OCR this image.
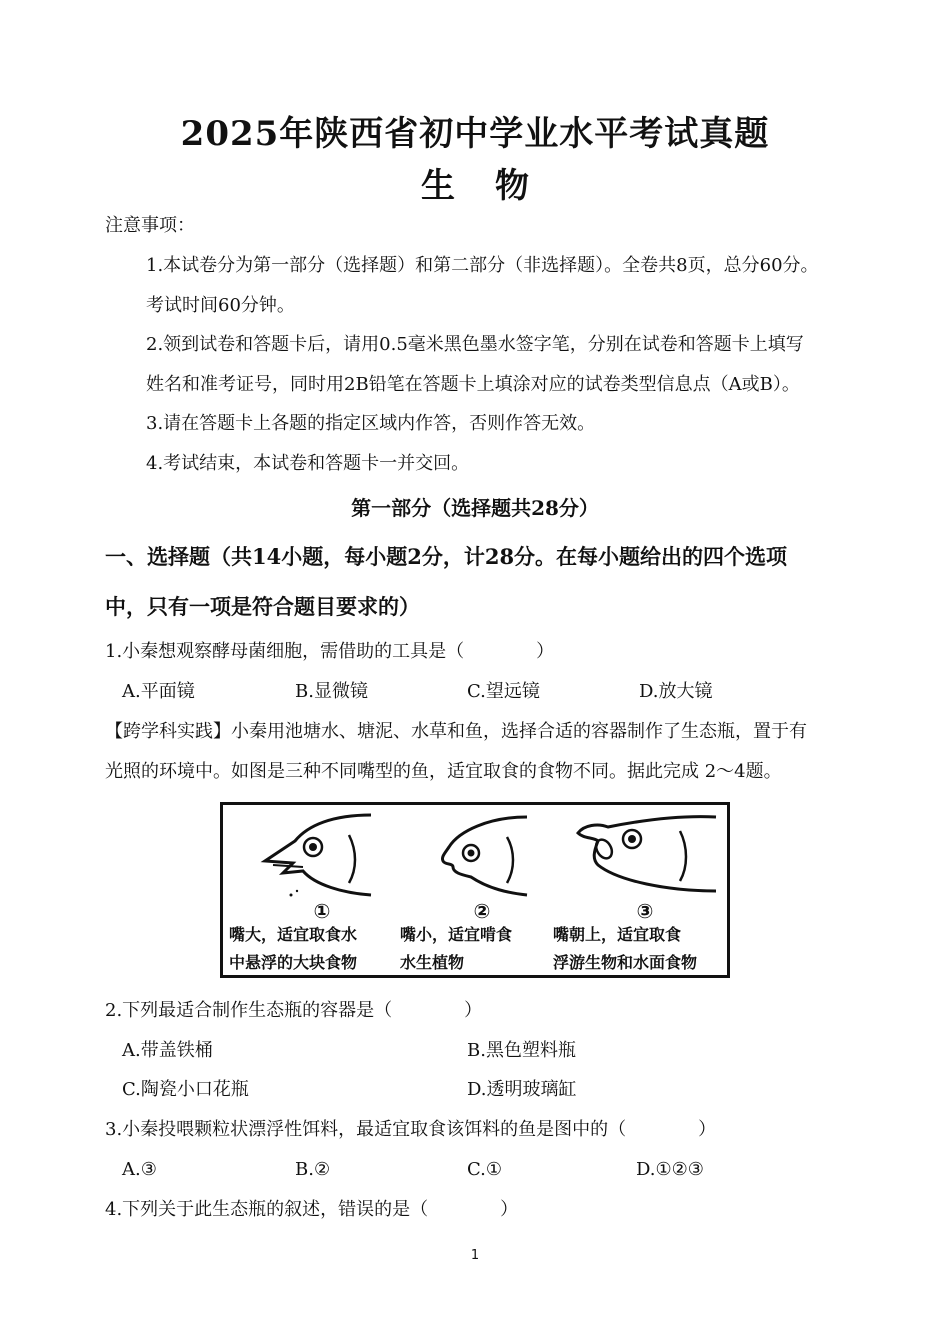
2025年陕西省初中学业水平考试真题
生物
注意事项：
1.本试卷分为第一部分（选择题）和第二部分（非选择题）。全卷共8页，总分60分。
考试时间60分钟。
2.领到试卷和答题卡后，请用0.5毫米黑色墨水签字笔，分别在试卷和答题卡上填写
姓名和准考证号，同时用2B铅笔在答题卡上填涂对应的试卷类型信息点（A或B）。
3.请在答题卡上各题的指定区域内作答，否则作答无效。
4.考试结束，本试卷和答题卡一并交回。
第一部分（选择题共28分）
一、选择题（共14小题，每小题2分，计28分。在每小题给出的四个选项
中，只有一项是符合题目要求的）
1.小秦想观察酵母菌细胞，需借助的工具是（　　　　）
A.平面镜	B.显微镜	C.望远镜	D.放大镜
【跨学科实践】小秦用池塘水、塘泥、水草和鱼，选择合适的容器制作了生态瓶，置于有
光照的环境中。如图是三种不同嘴型的鱼，适宜取食的食物不同。据此完成 2～4题。
①	②	③
嘴大，适宜取食水
中悬浮的大块食物
嘴小，适宜啃食
水生植物
嘴朝上，适宜取食
浮游生物和水面食物
2.下列最适合制作生态瓶的容器是（　　　　）
A.带盖铁桶	B.黑色塑料瓶
C.陶瓷小口花瓶	D.透明玻璃缸
3.小秦投喂颗粒状漂浮性饵料，最适宜取食该饵料的鱼是图中的（　　　　）
A.③	B.②	C.①	D.①②③
4.下列关于此生态瓶的叙述，错误的是（　　　　）
1
